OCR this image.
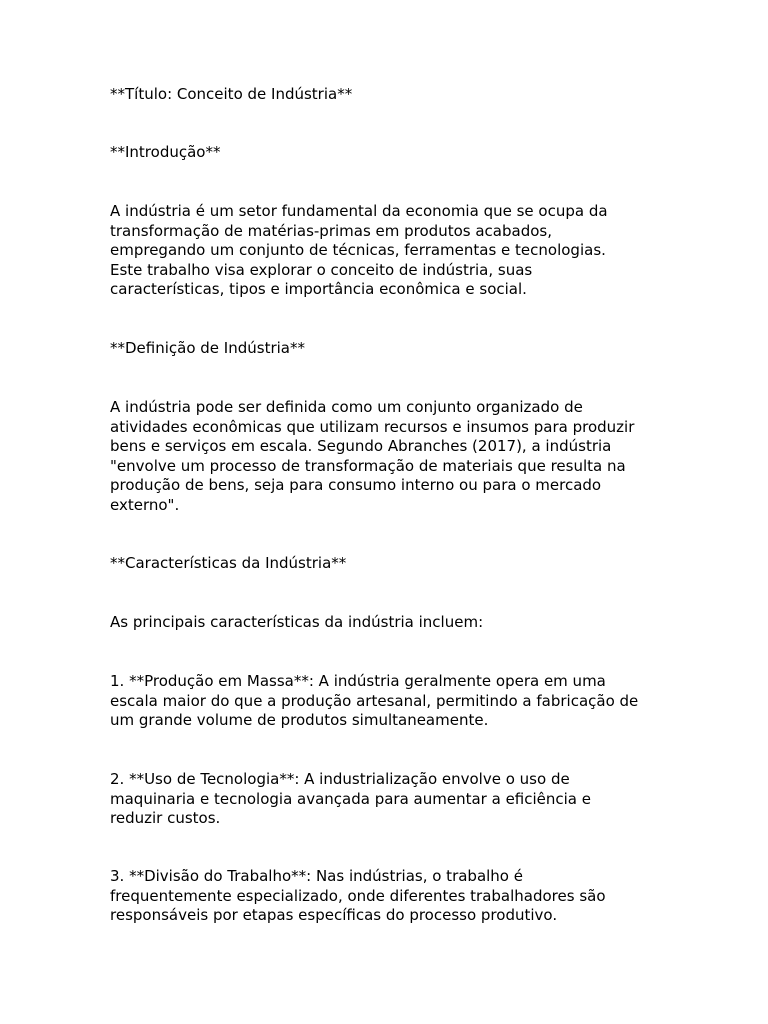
**Título: Conceito de Indústria**

**Introdução**

A indústria é um setor fundamental da economia que se ocupa da
transformação de matérias-primas em produtos acabados,
empregando um conjunto de técnicas, ferramentas e tecnologias.
Este trabalho visa explorar o conceito de indústria, suas
características, tipos e importância econômica e social.

**Definição de Indústria**

A indústria pode ser definida como um conjunto organizado de
atividades econômicas que utilizam recursos e insumos para produzir
bens e serviços em escala. Segundo Abranches (2017), a indústria
"envolve um processo de transformação de materiais que resulta na
produção de bens, seja para consumo interno ou para o mercado
externo".

**Características da Indústria**

As principais características da indústria incluem:

1. **Produção em Massa**: A indústria geralmente opera em uma
escala maior do que a produção artesanal, permitindo a fabricação de
um grande volume de produtos simultaneamente.

2. **Uso de Tecnologia**: A industrialização envolve o uso de
maquinaria e tecnologia avançada para aumentar a eficiência e
reduzir custos.

3. **Divisão do Trabalho**: Nas indústrias, o trabalho é
frequentemente especializado, onde diferentes trabalhadores são
responsáveis por etapas específicas do processo produtivo.
